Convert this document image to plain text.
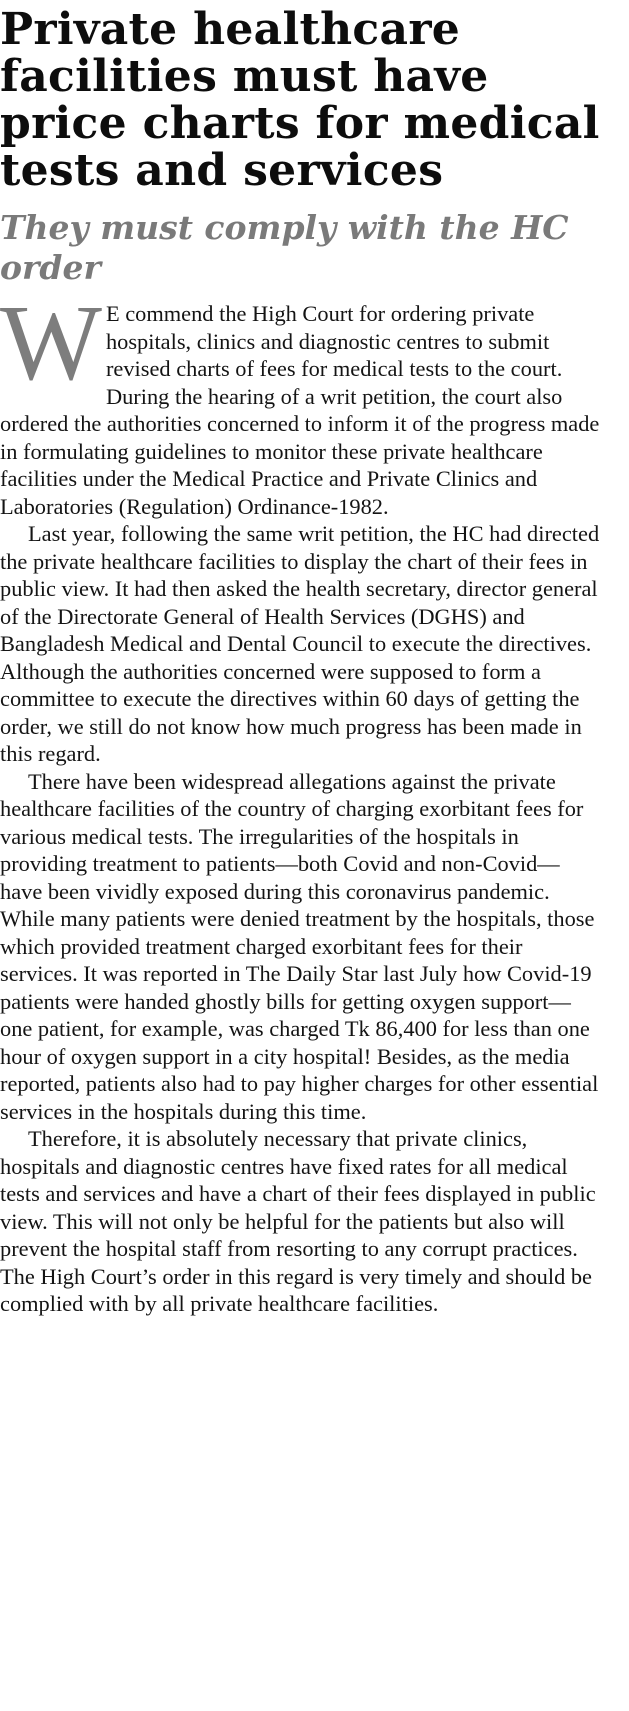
Private healthcare facilities must have price charts for medical tests and services
They must comply with the HC order

W E commend the High Court for ordering private hospitals, clinics and diagnostic centres to submit revised charts of fees for medical tests to the court. During the hearing of a writ petition, the court also ordered the authorities concerned to inform it of the progress made in formulating guidelines to monitor these private healthcare facilities under the Medical Practice and Private Clinics and Laboratories (Regulation) Ordinance-1982.

Last year, following the same writ petition, the HC had directed the private healthcare facilities to display the chart of their fees in public view. It had then asked the health secretary, director general of the Directorate General of Health Services (DGHS) and Bangladesh Medical and Dental Council to execute the directives. Although the authorities concerned were supposed to form a committee to execute the directives within 60 days of getting the order, we still do not know how much progress has been made in this regard.

There have been widespread allegations against the private healthcare facilities of the country of charging exorbitant fees for various medical tests. The irregularities of the hospitals in providing treatment to patients—both Covid and non-Covid—have been vividly exposed during this coronavirus pandemic. While many patients were denied treatment by the hospitals, those which provided treatment charged exorbitant fees for their services. It was reported in The Daily Star last July how Covid-19 patients were handed ghostly bills for getting oxygen support—one patient, for example, was charged Tk 86,400 for less than one hour of oxygen support in a city hospital! Besides, as the media reported, patients also had to pay higher charges for other essential services in the hospitals during this time.

Therefore, it is absolutely necessary that private clinics, hospitals and diagnostic centres have fixed rates for all medical tests and services and have a chart of their fees displayed in public view. This will not only be helpful for the patients but also will prevent the hospital staff from resorting to any corrupt practices. The High Court’s order in this regard is very timely and should be complied with by all private healthcare facilities.
